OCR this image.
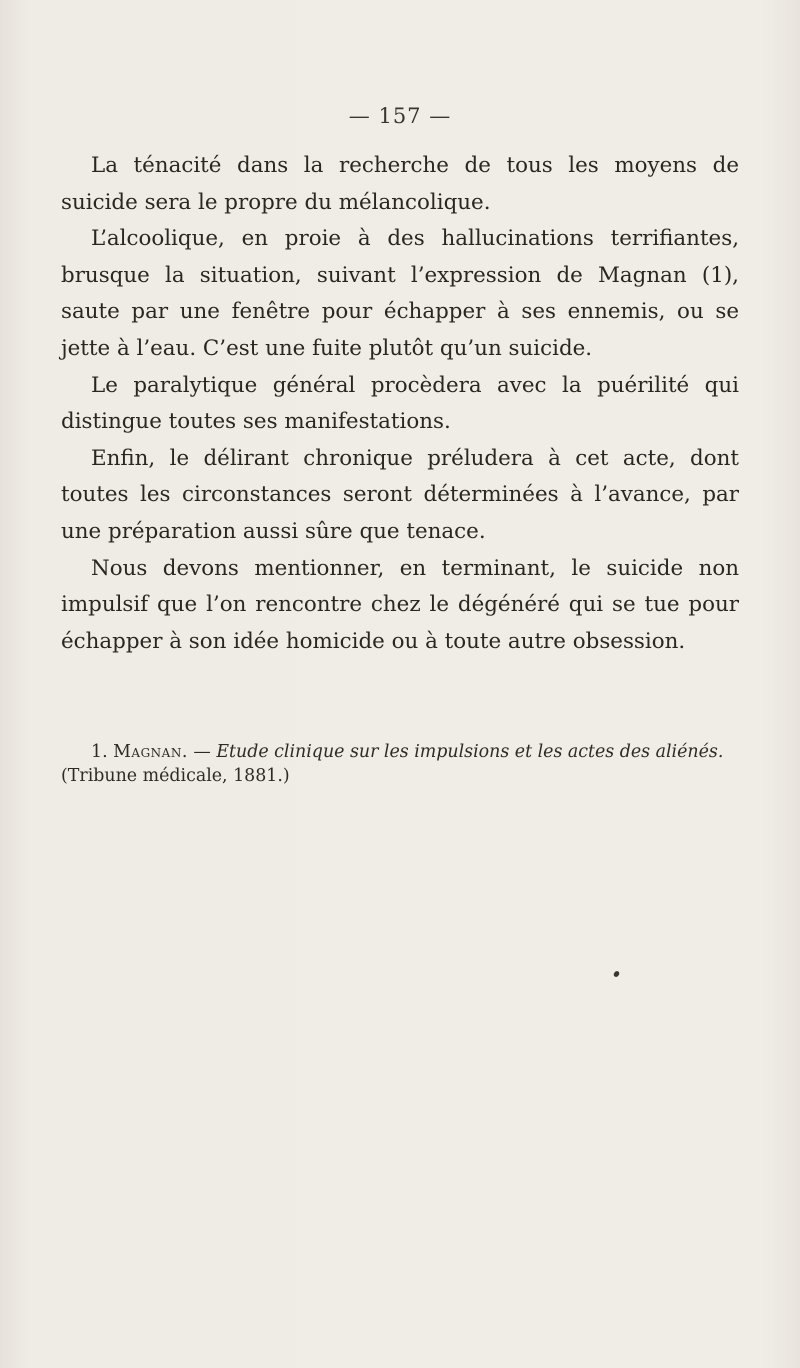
— 157 —

La ténacité dans la recherche de tous les moyens de suicide sera le propre du mélancolique.

L’alcoolique, en proie à des hallucinations terrifiantes, brusque la situation, suivant l’expression de Magnan (1), saute par une fenêtre pour échapper à ses ennemis, ou se jette à l’eau. C’est une fuite plutôt qu’un suicide.

Le paralytique général procèdera avec la puérilité qui distingue toutes ses manifestations.

Enfin, le délirant chronique préludera à cet acte, dont toutes les circonstances seront déterminées à l’avance, par une préparation aussi sûre que tenace.

Nous devons mentionner, en terminant, le suicide non impulsif que l’on rencontre chez le dégénéré qui se tue pour échapper à son idée homicide ou à toute autre obsession.

1. Magnan. — Etude clinique sur les impulsions et les actes des aliénés.

(Tribune médicale, 1881.)
